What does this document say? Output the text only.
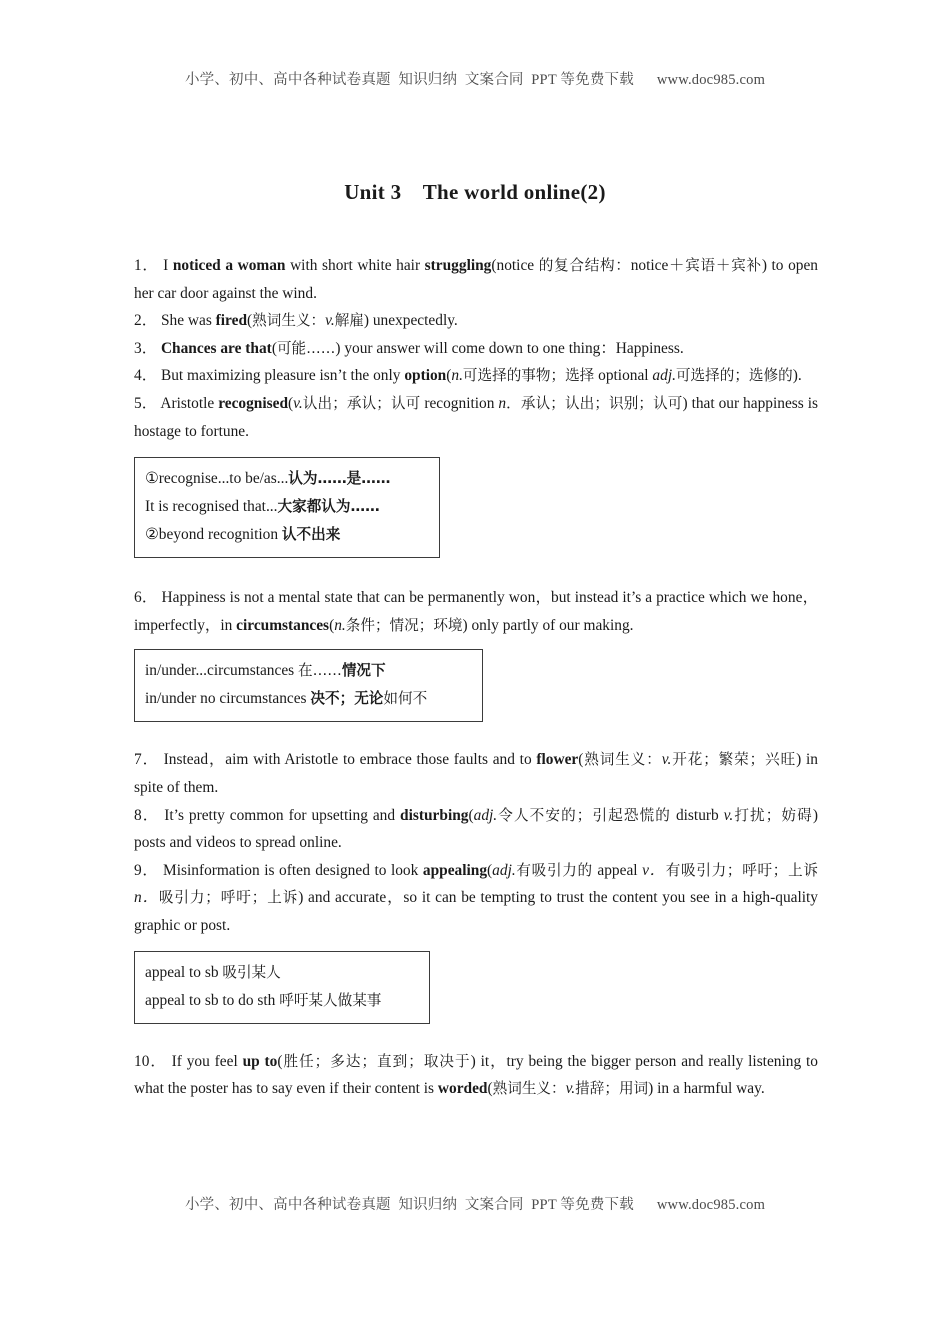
小学、初中、高中各种试卷真题  知识归纳  文案合同  PPT 等免费下载      www.doc985.com
Unit 3　The world online(2)

1． I noticed a woman with short white hair struggling(notice 的复合结构：notice＋宾语＋宾补) to open her car door against the wind.

2． She was fired(熟词生义：v.解雇) unexpectedly.

3． Chances are that(可能……) your answer will come down to one thing：Happiness.

4． But maximizing pleasure isn’t the only option(n.可选择的事物；选择 optional adj.可选择的；选修的).

5． Aristotle recognised(v.认出；承认；认可 recognition n．承认；认出；识别；认可) that our happiness is hostage to fortune.

①recognise...to be/as...认为……是……
It is recognised that...大家都认为……
②beyond recognition 认不出来

6． Happiness is not a mental state that can be permanently won，but instead it’s a practice which we hone，imperfectly，in circumstances(n.条件；情况；环境) only partly of our making.

in/under...circumstances 在……情况下
in/under no circumstances 决不；无论如何不

7． Instead，aim with Aristotle to embrace those faults and to flower(熟词生义：v.开花；繁荣；兴旺) in spite of them.

8． It’s pretty common for upsetting and disturbing(adj.令人不安的；引起恐慌的 disturb v.打扰；妨碍) posts and videos to spread online.

9． Misinformation is often designed to look appealing(adj.有吸引力的 appeal v．有吸引力；呼吁；上诉 n．吸引力；呼吁；上诉) and accurate，so it can be tempting to trust the content you see in a high-quality graphic or post.

appeal to sb 吸引某人
appeal to sb to do sth 呼吁某人做某事

10． If you feel up to(胜任；多达；直到；取决于) it，try being the bigger person and really listening to what the poster has to say even if their content is worded(熟词生义：v.措辞；用词) in a harmful way.

小学、初中、高中各种试卷真题  知识归纳  文案合同  PPT 等免费下载      www.doc985.com
